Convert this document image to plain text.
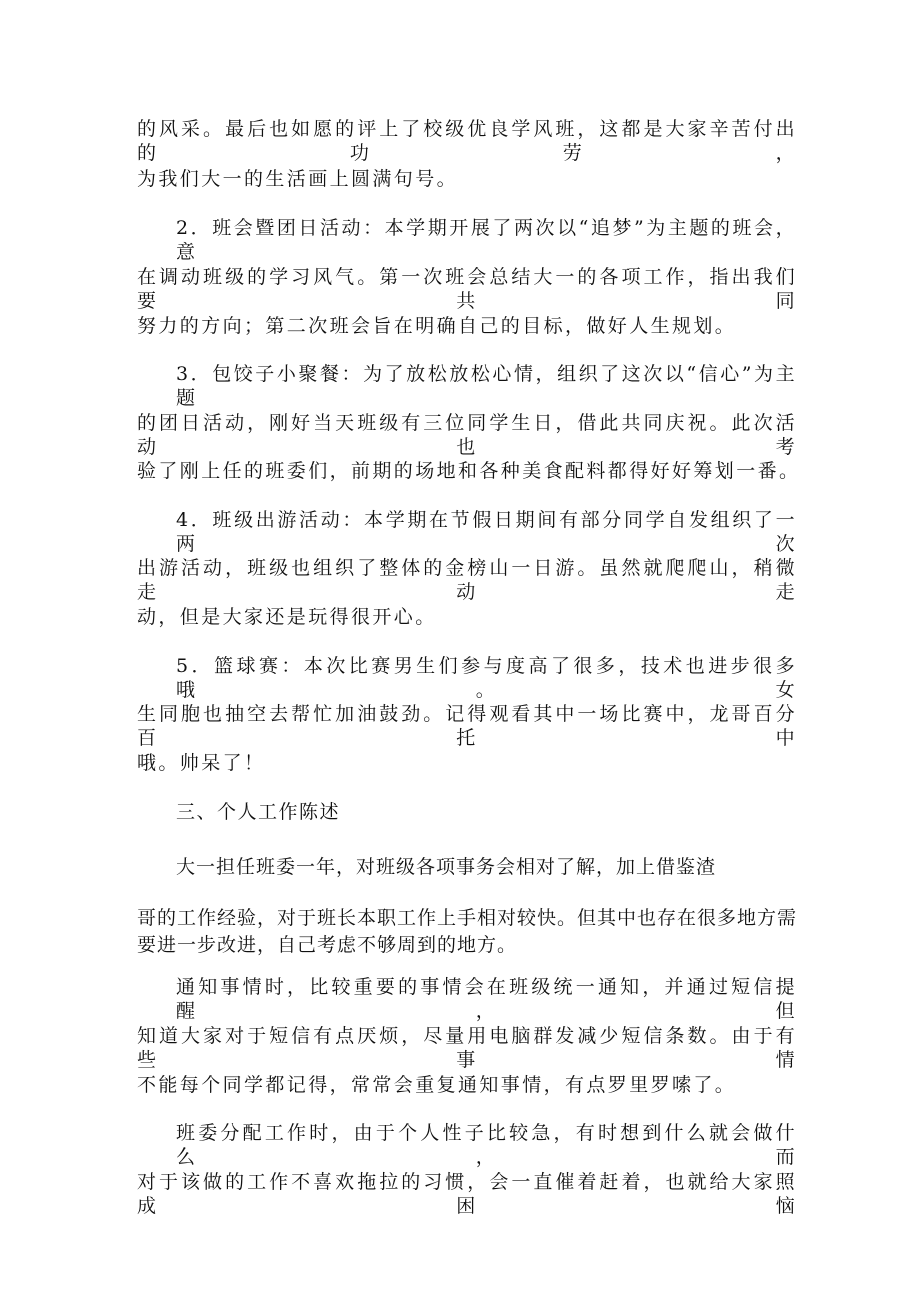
的风采。最后也如愿的评上了校级优良学风班，这都是大家辛苦付出的功劳，
为我们大一的生活画上圆满句号。
2．班会暨团日活动：本学期开展了两次以“追梦”为主题的班会，意
在调动班级的学习风气。第一次班会总结大一的各项工作，指出我们要共同
努力的方向；第二次班会旨在明确自己的目标，做好人生规划。
3．包饺子小聚餐：为了放松放松心情，组织了这次以“信心”为主题
的团日活动，刚好当天班级有三位同学生日，借此共同庆祝。此次活动也考
验了刚上任的班委们，前期的场地和各种美食配料都得好好筹划一番。
4．班级出游活动：本学期在节假日期间有部分同学自发组织了一两次
出游活动，班级也组织了整体的金榜山一日游。虽然就爬爬山，稍微走动走
动，但是大家还是玩得很开心。
5．篮球赛：本次比赛男生们参与度高了很多，技术也进步很多哦。女
生同胞也抽空去帮忙加油鼓劲。记得观看其中一场比赛中，龙哥百分百托中
哦。帅呆了！
三、个人工作陈述
大一担任班委一年，对班级各项事务会相对了解，加上借鉴渣
哥的工作经验，对于班长本职工作上手相对较快。但其中也存在很多地方需
要进一步改进，自己考虑不够周到的地方。
通知事情时，比较重要的事情会在班级统一通知，并通过短信提醒，但
知道大家对于短信有点厌烦，尽量用电脑群发减少短信条数。由于有些事情
不能每个同学都记得，常常会重复通知事情，有点罗里罗嗦了。
班委分配工作时，由于个人性子比较急，有时想到什么就会做什么，而
对于该做的工作不喜欢拖拉的习惯，会一直催着赶着，也就给大家照成困恼
